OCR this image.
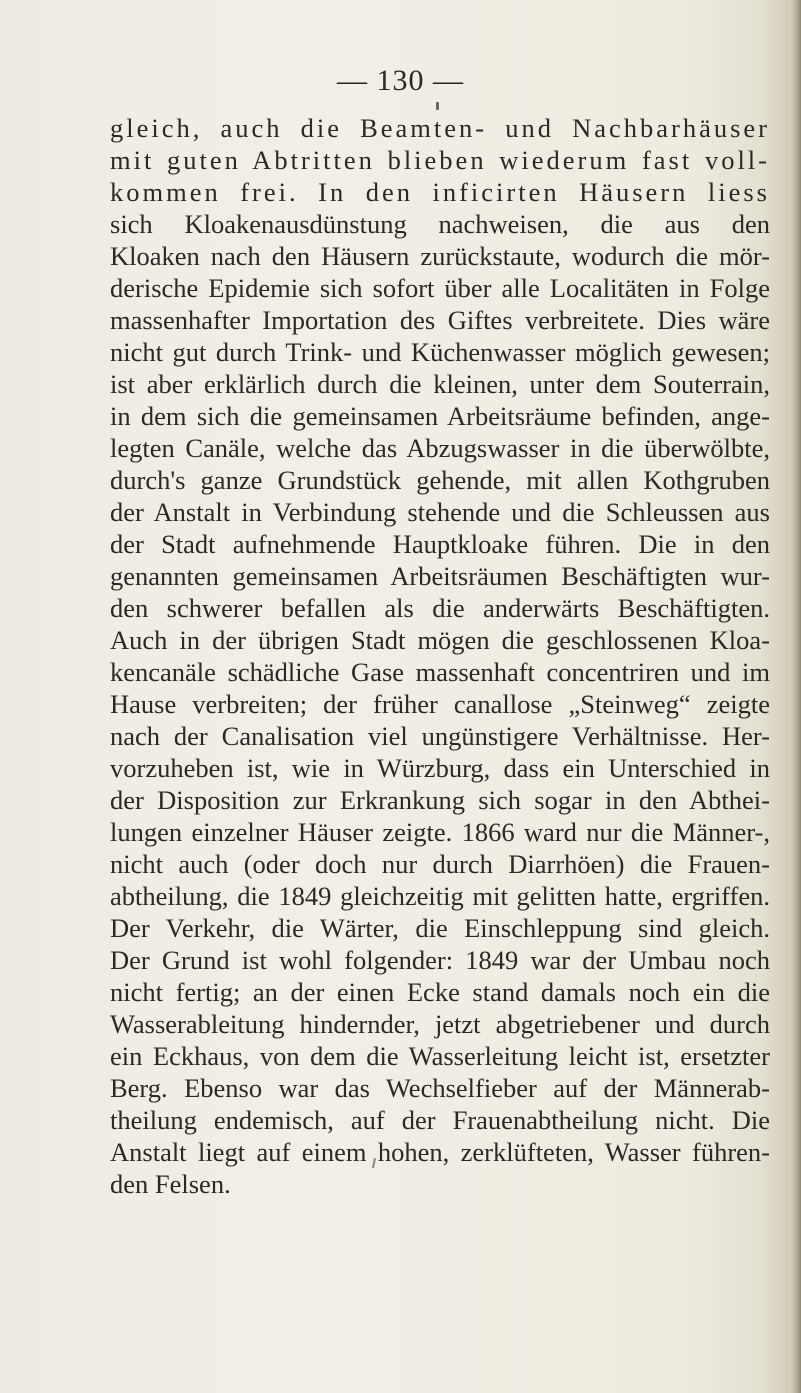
— 130 —
gleich, auch die Beamten- und Nachbarhäuser
mit guten Abtritten blieben wiederum fast voll-
kommen frei. In den inficirten Häusern liess
sich Kloakenausdünstung nachweisen, die aus den
Kloaken nach den Häusern zurückstaute, wodurch die mör-
derische Epidemie sich sofort über alle Localitäten in Folge
massenhafter Importation des Giftes verbreitete. Dies wäre
nicht gut durch Trink- und Küchenwasser möglich gewesen;
ist aber erklärlich durch die kleinen, unter dem Souterrain,
in dem sich die gemeinsamen Arbeitsräume befinden, ange-
legten Canäle, welche das Abzugswasser in die überwölbte,
durch's ganze Grundstück gehende, mit allen Kothgruben
der Anstalt in Verbindung stehende und die Schleussen aus
der Stadt aufnehmende Hauptkloake führen. Die in den
genannten gemeinsamen Arbeitsräumen Beschäftigten wur-
den schwerer befallen als die anderwärts Beschäftigten.
Auch in der übrigen Stadt mögen die geschlossenen Kloa-
kencanäle schädliche Gase massenhaft concentriren und im
Hause verbreiten; der früher canallose „Steinweg“ zeigte
nach der Canalisation viel ungünstigere Verhältnisse. Her-
vorzuheben ist, wie in Würzburg, dass ein Unterschied in
der Disposition zur Erkrankung sich sogar in den Abthei-
lungen einzelner Häuser zeigte. 1866 ward nur die Männer-,
nicht auch (oder doch nur durch Diarrhöen) die Frauen-
abtheilung, die 1849 gleichzeitig mit gelitten hatte, ergriffen.
Der Verkehr, die Wärter, die Einschleppung sind gleich.
Der Grund ist wohl folgender: 1849 war der Umbau noch
nicht fertig; an der einen Ecke stand damals noch ein die
Wasserableitung hindernder, jetzt abgetriebener und durch
ein Eckhaus, von dem die Wasserleitung leicht ist, ersetzter
Berg. Ebenso war das Wechselfieber auf der Männerab-
theilung endemisch, auf der Frauenabtheilung nicht. Die
Anstalt liegt auf einem hohen, zerklüfteten, Wasser führen-
den Felsen.
